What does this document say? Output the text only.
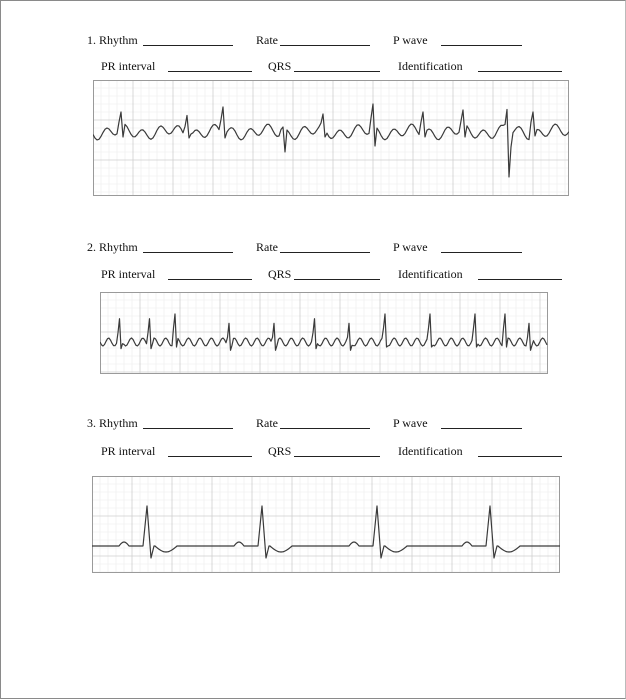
1. Rhythm	Rate	P wave
PR interval	QRS	Identification
2. Rhythm	Rate	P wave
PR interval	QRS	Identification
3. Rhythm	Rate	P wave
PR interval	QRS	Identification
